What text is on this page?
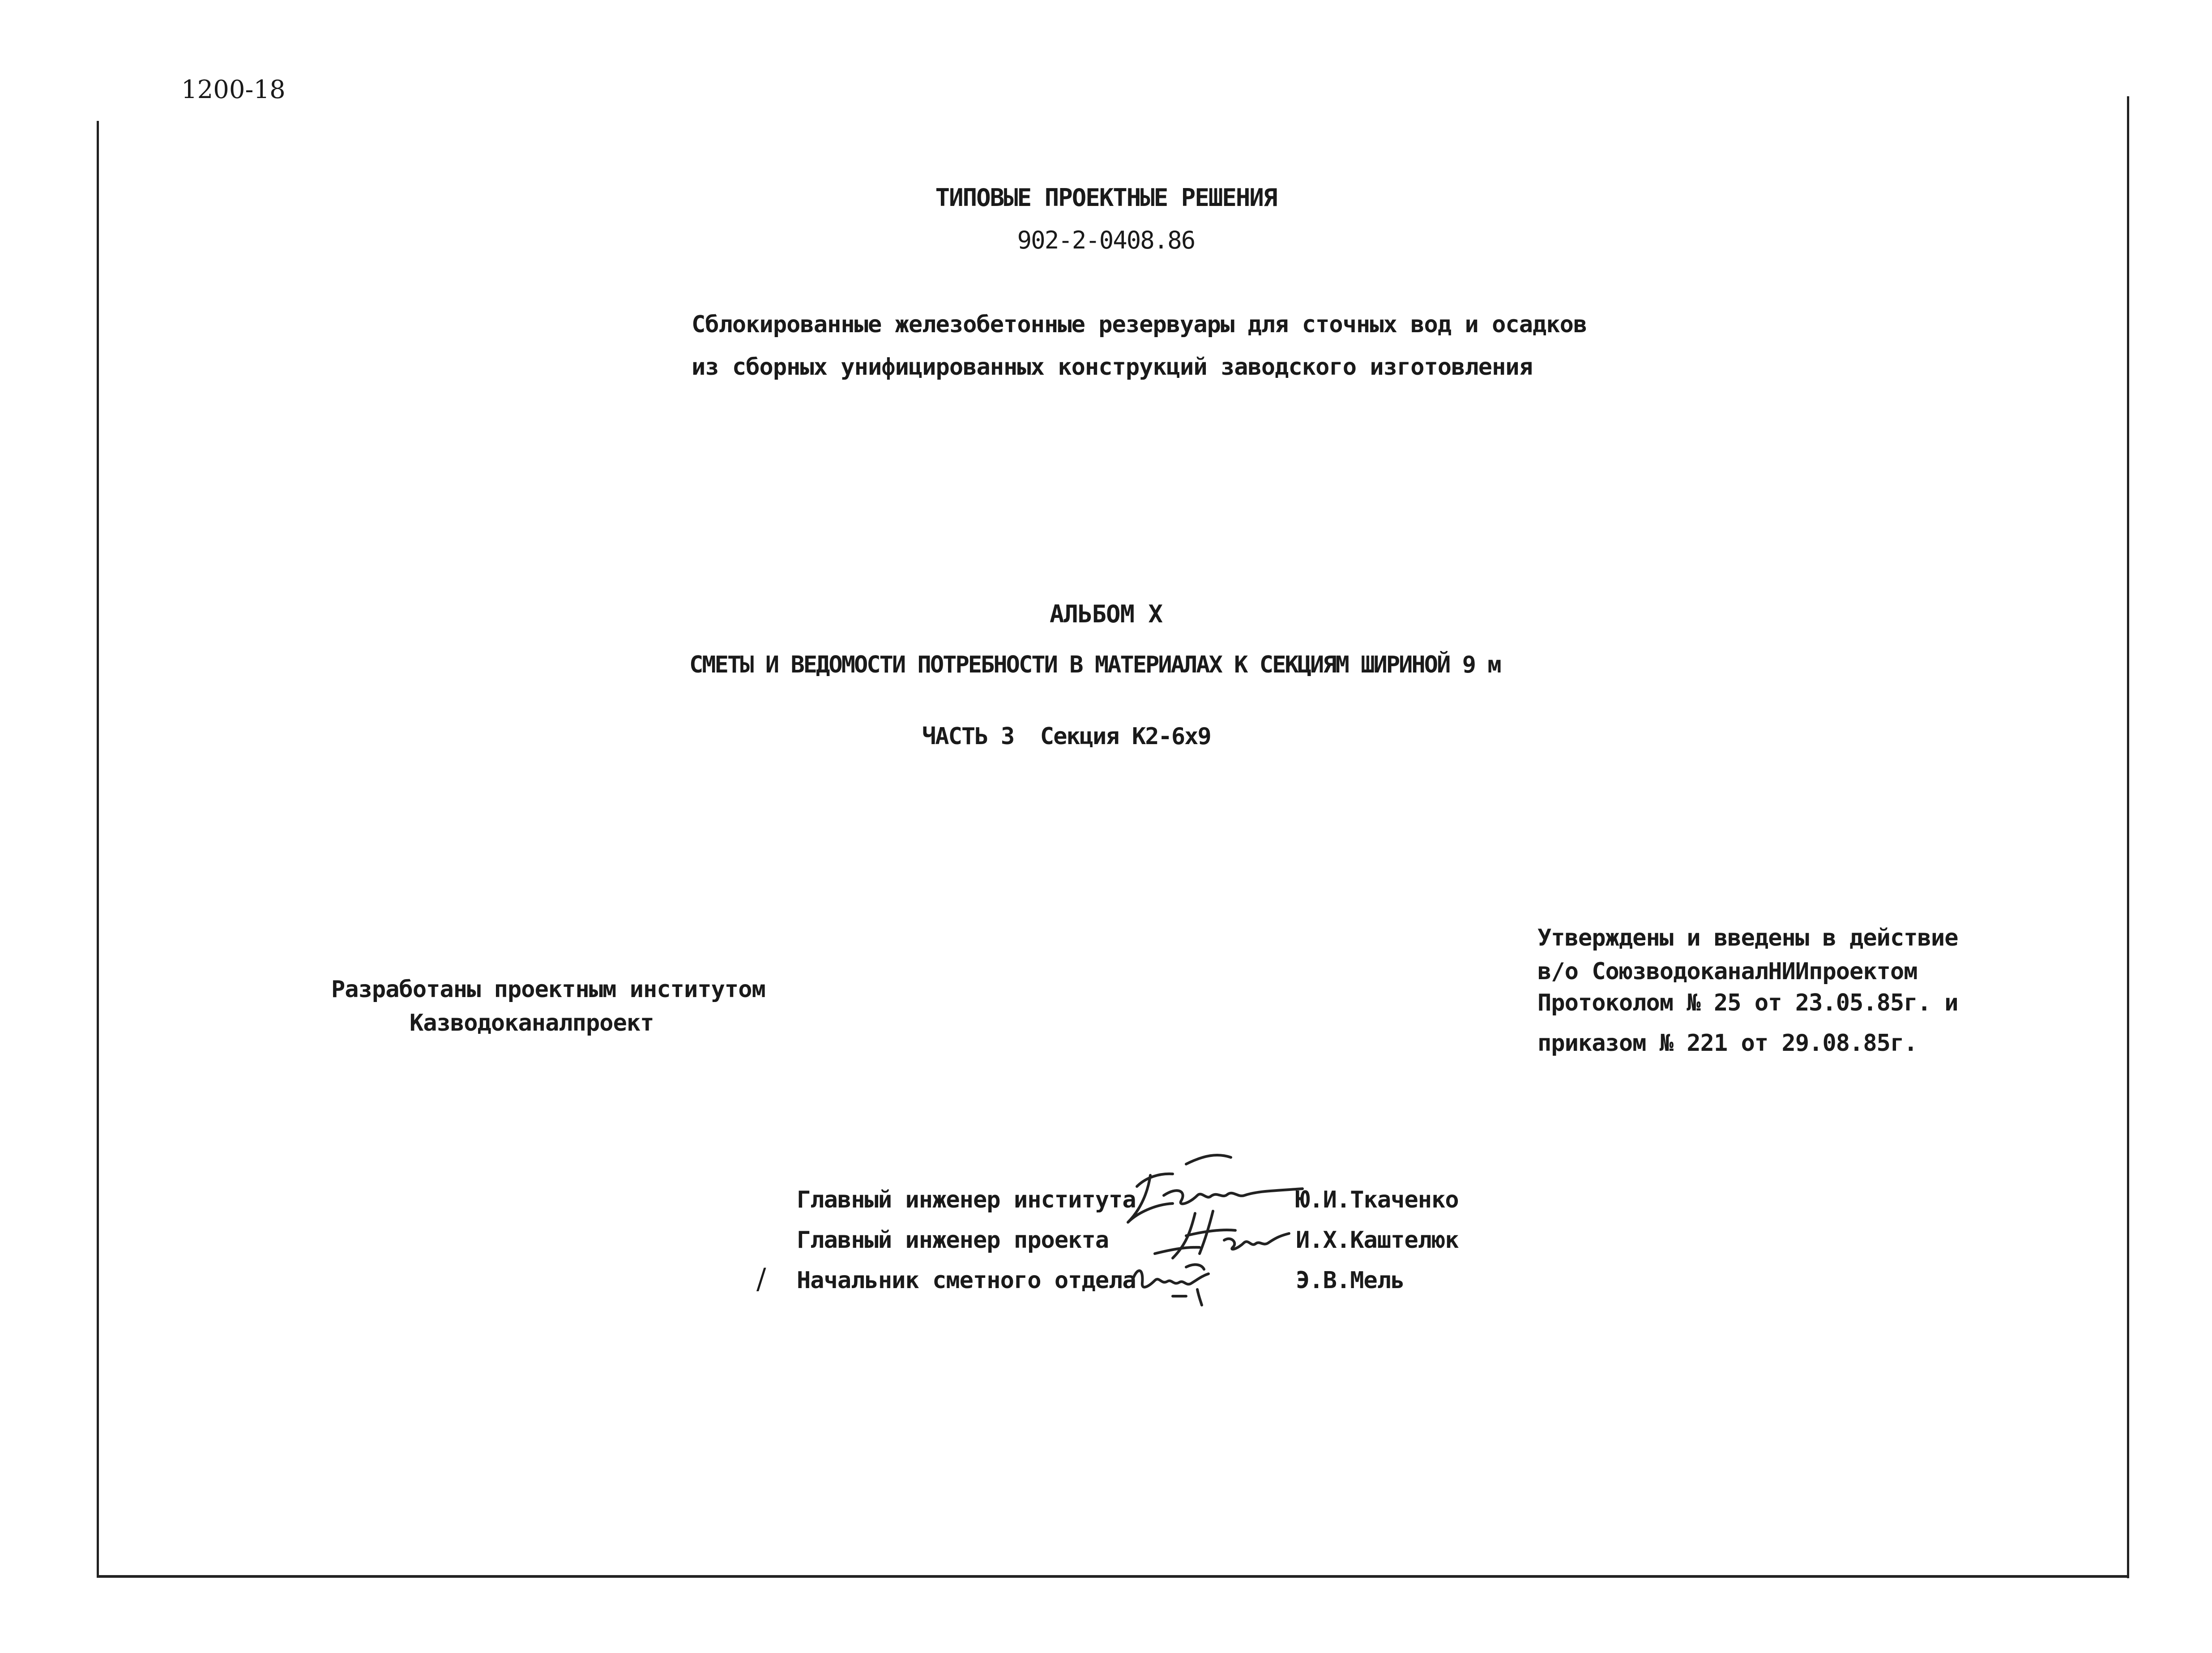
1200-18
ТИПОВЫЕ ПРОЕКТНЫЕ РЕШЕНИЯ
902-2-0408.86
Сблокированные железобетонные резервуары для сточных вод и осадков
из сборных унифицированных конструкций заводского изготовления
АЛЬБОМ X
СМЕТЫ И ВЕДОМОСТИ ПОТРЕБНОСТИ В МАТЕРИАЛАХ К СЕКЦИЯМ ШИРИНОЙ 9 м
ЧАСТЬ 3  Секция К2-6х9
Разработаны проектным институтом
Казводоканалпроект
Утверждены и введены в действие
в/о СоюзводоканалНИИпроектом
Протоколом № 25 от 23.05.85г. и
приказом № 221 от 29.08.85г.
Главный инженер института	Ю.И.Ткаченко
Главный инженер проекта	И.Х.Каштелюк
/ Начальник сметного отдела	Э.В.Мель
